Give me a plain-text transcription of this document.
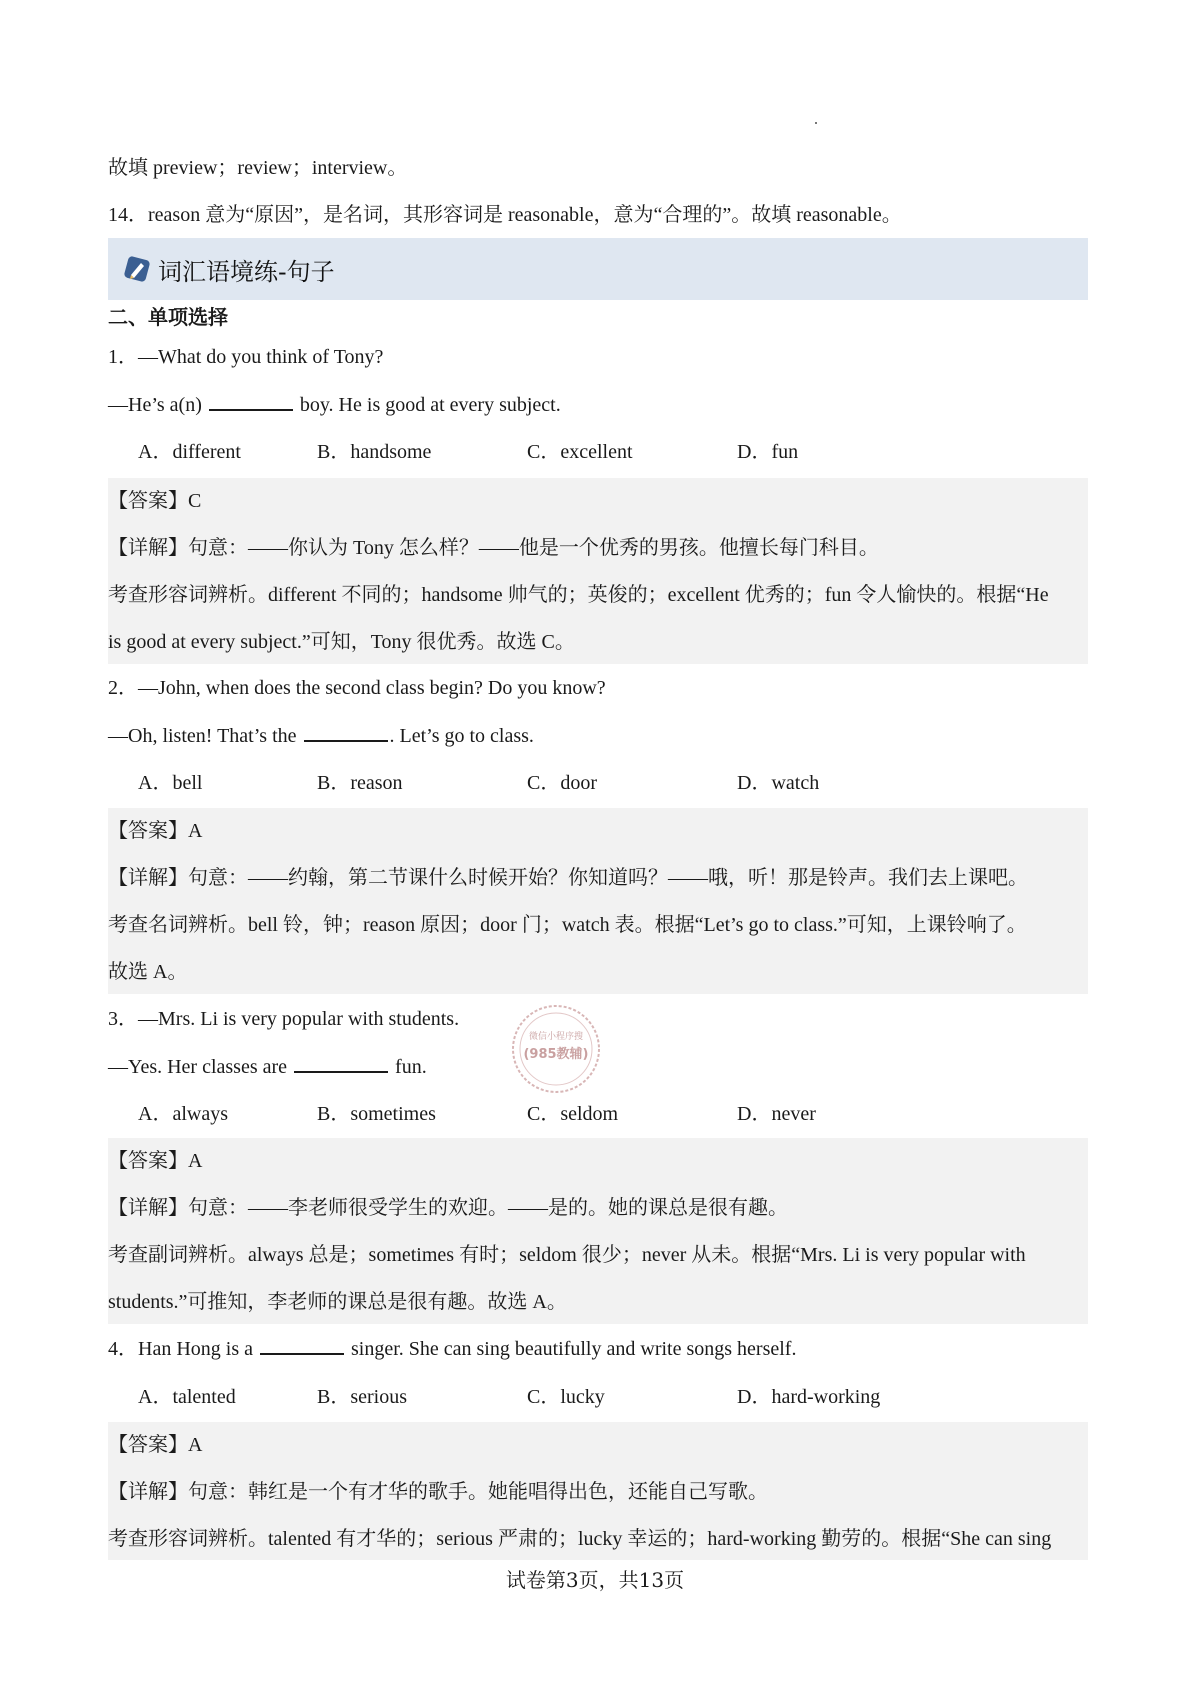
故填 preview；review；interview。
14．reason 意为“原因”，是名词，其形容词是 reasonable，意为“合理的”。故填 reasonable。
词汇语境练-句子
二、单项选择
1．—What do you think of Tony?
—He’s a(n)	boy. He is good at every subject.
A．different	B．handsome	C．excellent	D．fun
【答案】C
【详解】句意：——你认为 Tony 怎么样？——他是一个优秀的男孩。他擅长每门科目。
考查形容词辨析。different 不同的；handsome 帅气的；英俊的；excellent 优秀的；fun 令人愉快的。根据“He
is good at every subject.”可知，Tony 很优秀。故选 C。
2．—John, when does the second class begin? Do you know?
—Oh, listen! That’s the	. Let’s go to class.
A．bell	B．reason	C．door	D．watch
【答案】A
【详解】句意：——约翰，第二节课什么时候开始？你知道吗？——哦，听！那是铃声。我们去上课吧。
考查名词辨析。bell 铃，钟；reason 原因；door 门；watch 表。根据“Let’s go to class.”可知，上课铃响了。
故选 A。
3．—Mrs. Li is very popular with students.
—Yes. Her classes are	fun.
A．always	B．sometimes	C．seldom	D．never
【答案】A
【详解】句意：——李老师很受学生的欢迎。——是的。她的课总是很有趣。
考查副词辨析。always 总是；sometimes 有时；seldom 很少；never 从未。根据“Mrs. Li is very popular with
students.”可推知，李老师的课总是很有趣。故选 A。
4．Han Hong is a	singer. She can sing beautifully and write songs herself.
A．talented	B．serious	C．lucky	D．hard-working
【答案】A
【详解】句意：韩红是一个有才华的歌手。她能唱得出色，还能自己写歌。
考查形容词辨析。talented 有才华的；serious 严肃的；lucky 幸运的；hard-working 勤劳的。根据“She can sing
微信小程序搜
(985教辅)
试卷第3页，共13页
